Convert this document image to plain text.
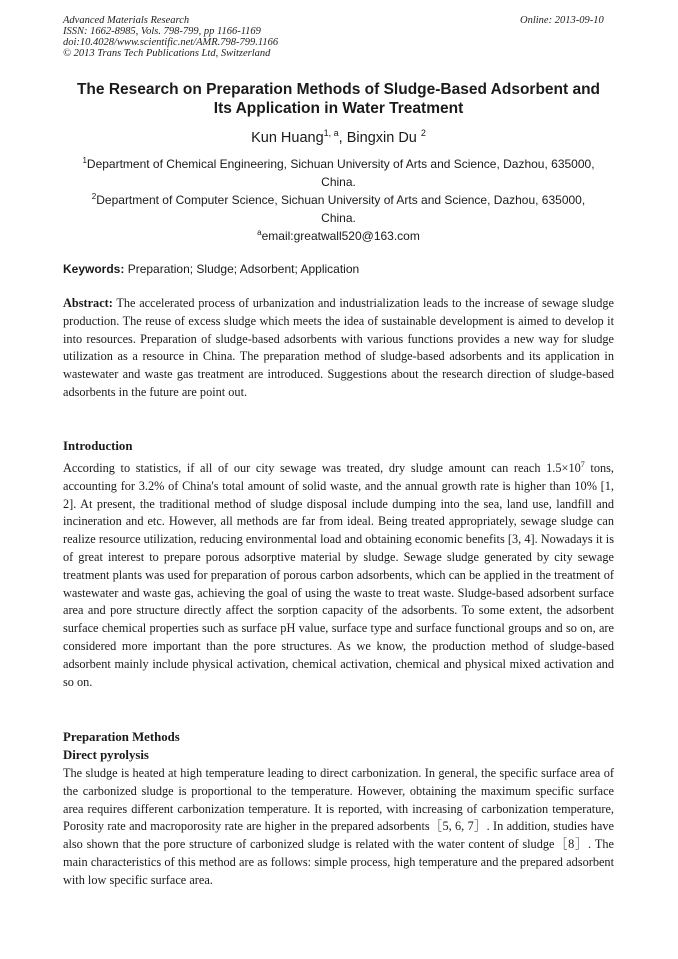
Advanced Materials Research
ISSN: 1662-8985, Vols. 798-799, pp 1166-1169
doi:10.4028/www.scientific.net/AMR.798-799.1166
© 2013 Trans Tech Publications Ltd, Switzerland
Online: 2013-09-10
The Research on Preparation Methods of Sludge-Based Adsorbent and
Its Application in Water Treatment
Kun Huang$^{1, a}$, Bingxin Du $^2$
$^1$Department of Chemical Engineering, Sichuan University of Arts and Science, Dazhou, 635000,
China.
$^2$Department of Computer Science, Sichuan University of Arts and Science, Dazhou, 635000,
China.
$^a$email:greatwall520@163.com
Keywords: Preparation; Sludge; Adsorbent; Application
Abstract: The accelerated process of urbanization and industrialization leads to the increase of sewage sludge production. The reuse of excess sludge which meets the idea of sustainable development is aimed to develop it into resources. Preparation of sludge-based adsorbents with various functions provides a new way for sludge utilization as a resource in China. The preparation method of sludge-based adsorbents and its application in wastewater and waste gas treatment are introduced. Suggestions about the research direction of sludge-based adsorbents in the future are point out.
Introduction
According to statistics, if all of our city sewage was treated, dry sludge amount can reach $1.5\times 10^7$ tons, accounting for 3.2% of China's total amount of solid waste, and the annual growth rate is higher than 10% [1, 2]. At present, the traditional method of sludge disposal include dumping into the sea, land use, landfill and incineration and etc. However, all methods are far from ideal. Being treated appropriately, sewage sludge can realize resource utilization, reducing environmental load and obtaining economic benefits [3, 4]. Nowadays it is of great interest to prepare porous adsorptive material by sludge. Sewage sludge generated by city sewage treatment plants was used for preparation of porous carbon adsorbents, which can be applied in the treatment of wastewater and waste gas, achieving the goal of using the waste to treat waste. Sludge-based adsorbent surface area and pore structure directly affect the sorption capacity of the adsorbents. To some extent, the adsorbent surface chemical properties such as surface pH value, surface type and surface functional groups and so on, are considered more important than the pore structures. As we know, the production method of sludge-based adsorbent mainly include physical activation, chemical activation, chemical and physical mixed activation and so on.
Preparation Methods
Direct pyrolysis
The sludge is heated at high temperature leading to direct carbonization. In general, the specific surface area of the carbonized sludge is proportional to the temperature. However, obtaining the maximum specific surface area requires different carbonization temperature. It is reported, with increasing of carbonization temperature, Porosity rate and macroporosity rate are higher in the prepared adsorbents［5, 6, 7］. In addition, studies have also shown that the pore structure of carbonized sludge is related with the water content of sludge［8］. The main characteristics of this method are as follows: simple process, high temperature and the prepared adsorbent with low specific surface area.
